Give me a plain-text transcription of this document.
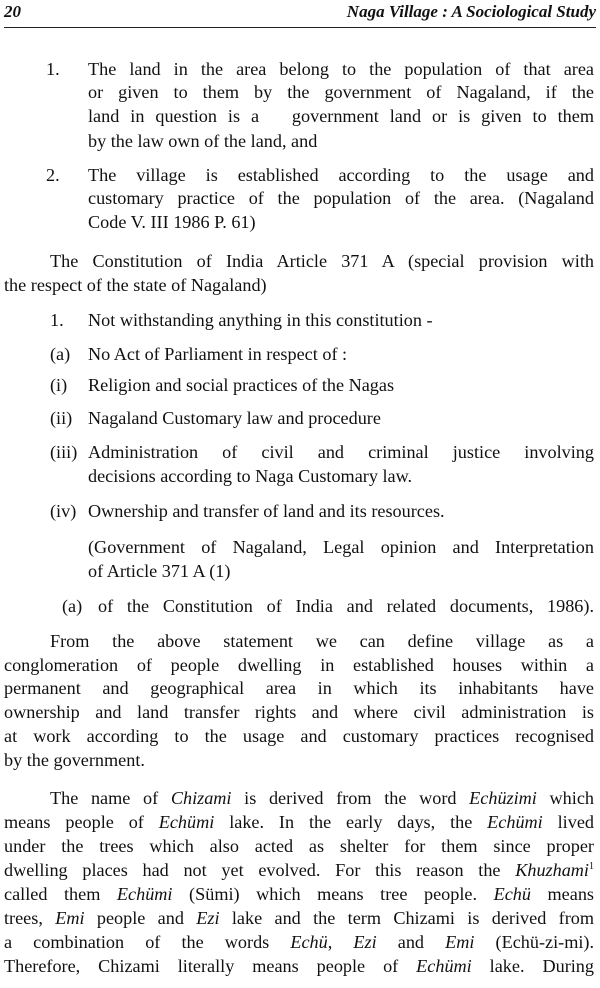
20	Naga Village : A Sociological Study
1. The land in the area belong to the population of that area
or given to them by the government of Nagaland, if the
land in question is a   government land or is given to them
by the law own of the land, and
2. The village is established according to the usage and
customary practice of the population of the area. (Nagaland
Code V. III 1986 P. 61)
The Constitution of India Article 371 A (special provision with
the respect of the state of Nagaland)
1. Not withstanding anything in this constitution -
(a) No Act of Parliament in respect of :
(i) Religion and social practices of the Nagas
(ii) Nagaland Customary law and procedure
(iii) Administration of civil and criminal justice involving
decisions according to Naga Customary law.
(iv) Ownership and transfer of land and its resources.
(Government of Nagaland, Legal opinion and Interpretation
of Article 371 A (1)
(a) of the Constitution of India and related documents, 1986).
From the above statement we can define village as a
conglomeration of people dwelling in established houses within a
permanent and geographical area in which its inhabitants have
ownership and land transfer rights and where civil administration is
at work according to the usage and customary practices recognised
by the government.
The name of Chizami is derived from the word Echüzimi which
means people of Echümi lake. In the early days, the Echümi lived
under the trees which also acted as shelter for them since proper
dwelling places had not yet evolved. For this reason the Khuzhami$^1$
called them Echümi (Sümi) which means tree people. Echü means
trees, Emi people and Ezi lake and the term Chizami is derived from
a combination of the words Echü, Ezi and Emi (Echü-zi-mi).
Therefore, Chizami literally means people of Echümi lake. During
